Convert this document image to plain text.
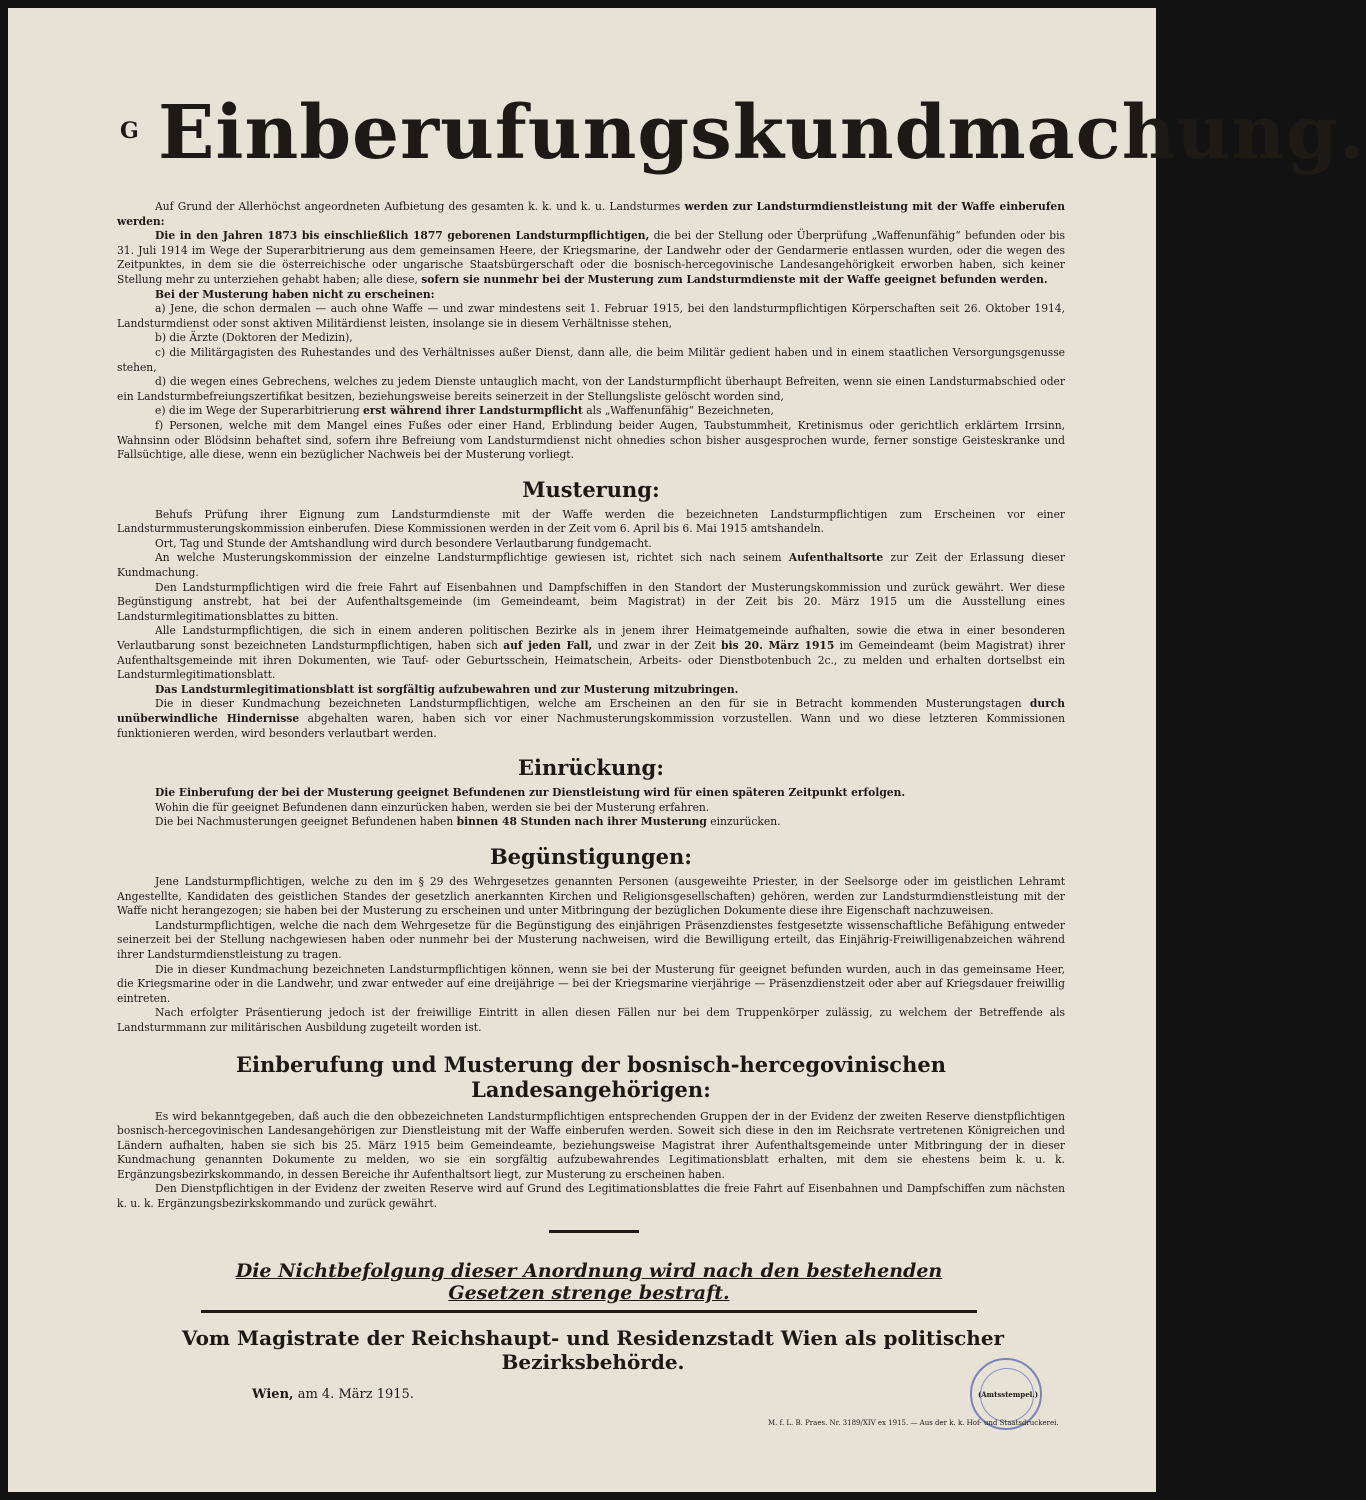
G Einberufungskundmachung.

Auf Grund der Allerhöchst angeordneten Aufbietung des gesamten k. k. und k. u. Landsturmes werden zur Landsturmdienstleistung mit der Waffe einberufen werden:

Die in den Jahren 1873 bis einschließlich 1877 geborenen Landsturmpflichtigen, die bei der Stellung oder Überprüfung „Waffenunfähig“ befunden oder bis 31. Juli 1914 im Wege der Superarbitrierung aus dem gemeinsamen Heere, der Kriegsmarine, der Landwehr oder der Gendarmerie entlassen wurden, oder die wegen des Zeitpunktes, in dem sie die österreichische oder ungarische Staatsbürgerschaft oder die bosnisch-hercegovinische Landesangehörigkeit erworben haben, sich keiner Stellung mehr zu unterziehen gehabt haben; alle diese, sofern sie nunmehr bei der Musterung zum Landsturmdienste mit der Waffe geeignet befunden werden.

Bei der Musterung haben nicht zu erscheinen:

a) Jene, die schon dermalen — auch ohne Waffe — und zwar mindestens seit 1. Februar 1915, bei den landsturmpflichtigen Körperschaften seit 26. Oktober 1914, Landsturmdienst oder sonst aktiven Militärdienst leisten, insolange sie in diesem Verhältnisse stehen,

b) die Ärzte (Doktoren der Medizin),

c) die Militärgagisten des Ruhestandes und des Verhältnisses außer Dienst, dann alle, die beim Militär gedient haben und in einem staatlichen Versorgungsgenusse stehen,

d) die wegen eines Gebrechens, welches zu jedem Dienste untauglich macht, von der Landsturmpflicht überhaupt Befreiten, wenn sie einen Landsturmabschied oder ein Landsturmbefreiungszertifikat besitzen, beziehungsweise bereits seinerzeit in der Stellungsliste gelöscht worden sind,

e) die im Wege der Superarbitrierung erst während ihrer Landsturmpflicht als „Waffenunfähig“ Bezeichneten,

f) Personen, welche mit dem Mangel eines Fußes oder einer Hand, Erblindung beider Augen, Taubstummheit, Kretinismus oder gerichtlich erklärtem Irrsinn, Wahnsinn oder Blödsinn behaftet sind, sofern ihre Befreiung vom Landsturmdienst nicht ohnedies schon bisher ausgesprochen wurde, ferner sonstige Geisteskranke und Fallsüchtige, alle diese, wenn ein bezüglicher Nachweis bei der Musterung vorliegt.

Musterung:

Behufs Prüfung ihrer Eignung zum Landsturmdienste mit der Waffe werden die bezeichneten Landsturmpflichtigen zum Erscheinen vor einer Landsturmmusterungskommission einberufen. Diese Kommissionen werden in der Zeit vom 6. April bis 6. Mai 1915 amtshandeln.

Ort, Tag und Stunde der Amtshandlung wird durch besondere Verlautbarung fundgemacht.

An welche Musterungskommission der einzelne Landsturmpflichtige gewiesen ist, richtet sich nach seinem Aufenthaltsorte zur Zeit der Erlassung dieser Kundmachung.

Den Landsturmpflichtigen wird die freie Fahrt auf Eisenbahnen und Dampfschiffen in den Standort der Musterungskommission und zurück gewährt. Wer diese Begünstigung anstrebt, hat bei der Aufenthaltsgemeinde (im Gemeindeamt, beim Magistrat) in der Zeit bis 20. März 1915 um die Ausstellung eines Landsturmlegitimationsblattes zu bitten.

Alle Landsturmpflichtigen, die sich in einem anderen politischen Bezirke als in jenem ihrer Heimatgemeinde aufhalten, sowie die etwa in einer besonderen Verlautbarung sonst bezeichneten Landsturmpflichtigen, haben sich auf jeden Fall, und zwar in der Zeit bis 20. März 1915 im Gemeindeamt (beim Magistrat) ihrer Aufenthaltsgemeinde mit ihren Dokumenten, wie Tauf- oder Geburtsschein, Heimatschein, Arbeits- oder Dienstbotenbuch 2c., zu melden und erhalten dortselbst ein Landsturmlegitimationsblatt.

Das Landsturmlegitimationsblatt ist sorgfältig aufzubewahren und zur Musterung mitzubringen.

Die in dieser Kundmachung bezeichneten Landsturmpflichtigen, welche am Erscheinen an den für sie in Betracht kommenden Musterungstagen durch unüberwindliche Hindernisse abgehalten waren, haben sich vor einer Nachmusterungskommission vorzustellen. Wann und wo diese letzteren Kommissionen funktionieren werden, wird besonders verlautbart werden.

Einrückung:

Die Einberufung der bei der Musterung geeignet Befundenen zur Dienstleistung wird für einen späteren Zeitpunkt erfolgen.

Wohin die für geeignet Befundenen dann einzurücken haben, werden sie bei der Musterung erfahren.

Die bei Nachmusterungen geeignet Befundenen haben binnen 48 Stunden nach ihrer Musterung einzurücken.

Begünstigungen:

Jene Landsturmpflichtigen, welche zu den im § 29 des Wehrgesetzes genannten Personen (ausgeweihte Priester, in der Seelsorge oder im geistlichen Lehramt Angestellte, Kandidaten des geistlichen Standes der gesetzlich anerkannten Kirchen und Religionsgesellschaften) gehören, werden zur Landsturmdienstleistung mit der Waffe nicht herangezogen; sie haben bei der Musterung zu erscheinen und unter Mitbringung der bezüglichen Dokumente diese ihre Eigenschaft nachzuweisen.

Landsturmpflichtigen, welche die nach dem Wehrgesetze für die Begünstigung des einjährigen Präsenzdienstes festgesetzte wissenschaftliche Befähigung entweder seinerzeit bei der Stellung nachgewiesen haben oder nunmehr bei der Musterung nachweisen, wird die Bewilligung erteilt, das Einjährig-Freiwilligenabzeichen während ihrer Landsturmdienstleistung zu tragen.

Die in dieser Kundmachung bezeichneten Landsturmpflichtigen können, wenn sie bei der Musterung für geeignet befunden wurden, auch in das gemeinsame Heer, die Kriegsmarine oder in die Landwehr, und zwar entweder auf eine dreijährige — bei der Kriegsmarine vierjährige — Präsenzdienstzeit oder aber auf Kriegsdauer freiwillig eintreten.

Nach erfolgter Präsentierung jedoch ist der freiwillige Eintritt in allen diesen Fällen nur bei dem Truppenkörper zulässig, zu welchem der Betreffende als Landsturmmann zur militärischen Ausbildung zugeteilt worden ist.

Einberufung und Musterung der bosnisch-hercegovinischen Landesangehörigen:

Es wird bekanntgegeben, daß auch die den obbezeichneten Landsturmpflichtigen entsprechenden Gruppen der in der Evidenz der zweiten Reserve dienstpflichtigen bosnisch-hercegovinischen Landesangehörigen zur Dienstleistung mit der Waffe einberufen werden. Soweit sich diese in den im Reichsrate vertretenen Königreichen und Ländern aufhalten, haben sie sich bis 25. März 1915 beim Gemeindeamte, beziehungsweise Magistrat ihrer Aufenthaltsgemeinde unter Mitbringung der in dieser Kundmachung genannten Dokumente zu melden, wo sie ein sorgfältig aufzubewahrendes Legitimationsblatt erhalten, mit dem sie ehestens beim k. u. k. Ergänzungsbezirkskommando, in dessen Bereiche ihr Aufenthaltsort liegt, zur Musterung zu erscheinen haben.

Den Dienstpflichtigen in der Evidenz der zweiten Reserve wird auf Grund des Legitimationsblattes die freie Fahrt auf Eisenbahnen und Dampfschiffen zum nächsten k. u. k. Ergänzungsbezirkskommando und zurück gewährt.

Die Nichtbefolgung dieser Anordnung wird nach den bestehenden Gesetzen strenge bestraft.
Vom Magistrate der Reichshaupt- und Residenzstadt Wien als politischer Bezirksbehörde.
Wien, am 4. März 1915.	(Amtsstempel.)
M. f. L. B. Praes. Nr. 3189/XIV ex 1915. — Aus der k. k. Hof- und Staatsdruckerei.
